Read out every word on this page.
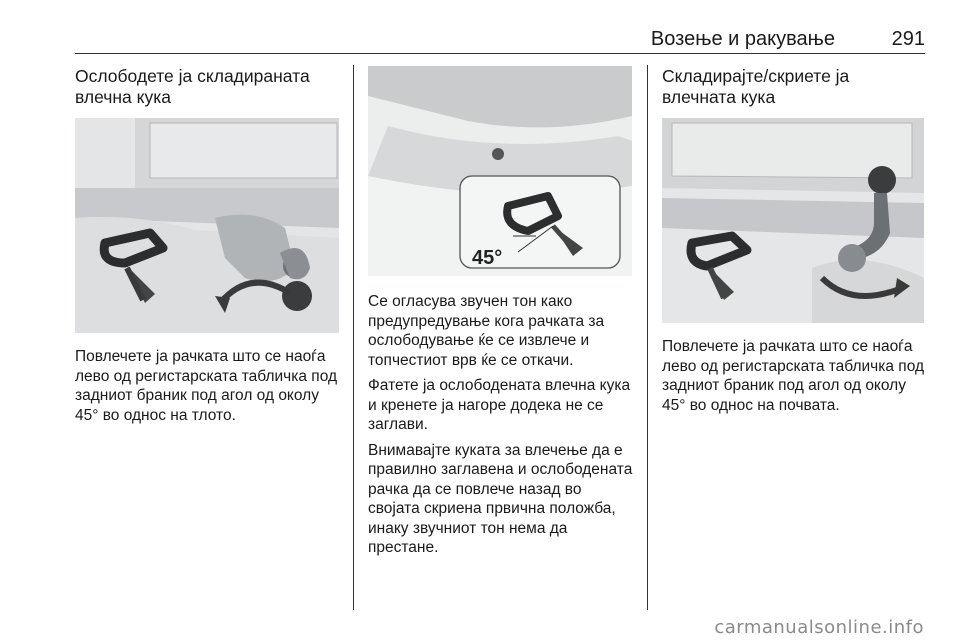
Возење и ракување	291
Ослободете ја складираната влечна кука

Повлечете ја рачката што се наоѓа лево од регистарската табличка под задниот браник под агол од околу 45° во однос на тлото.

45°

Се огласува звучен тон како предупредување кога рачката за ослободување ќе се извлече и топчестиот врв ќе се откачи.

Фатете ја ослободената влечна кука и кренете ја нагоре додека не се заглави.

Внимавајте куката за влечење да е правилно заглавена и ослободената рачка да се повлече назад во својата скриена првична положба, инаку звучниот тон нема да престане.

Складирајте/скриете ја влечната кука

Повлечете ја рачката што се наоѓа лево од регистарската табличка под задниот браник под агол од околу 45° во однос на почвата.

carmanualsonline.info
